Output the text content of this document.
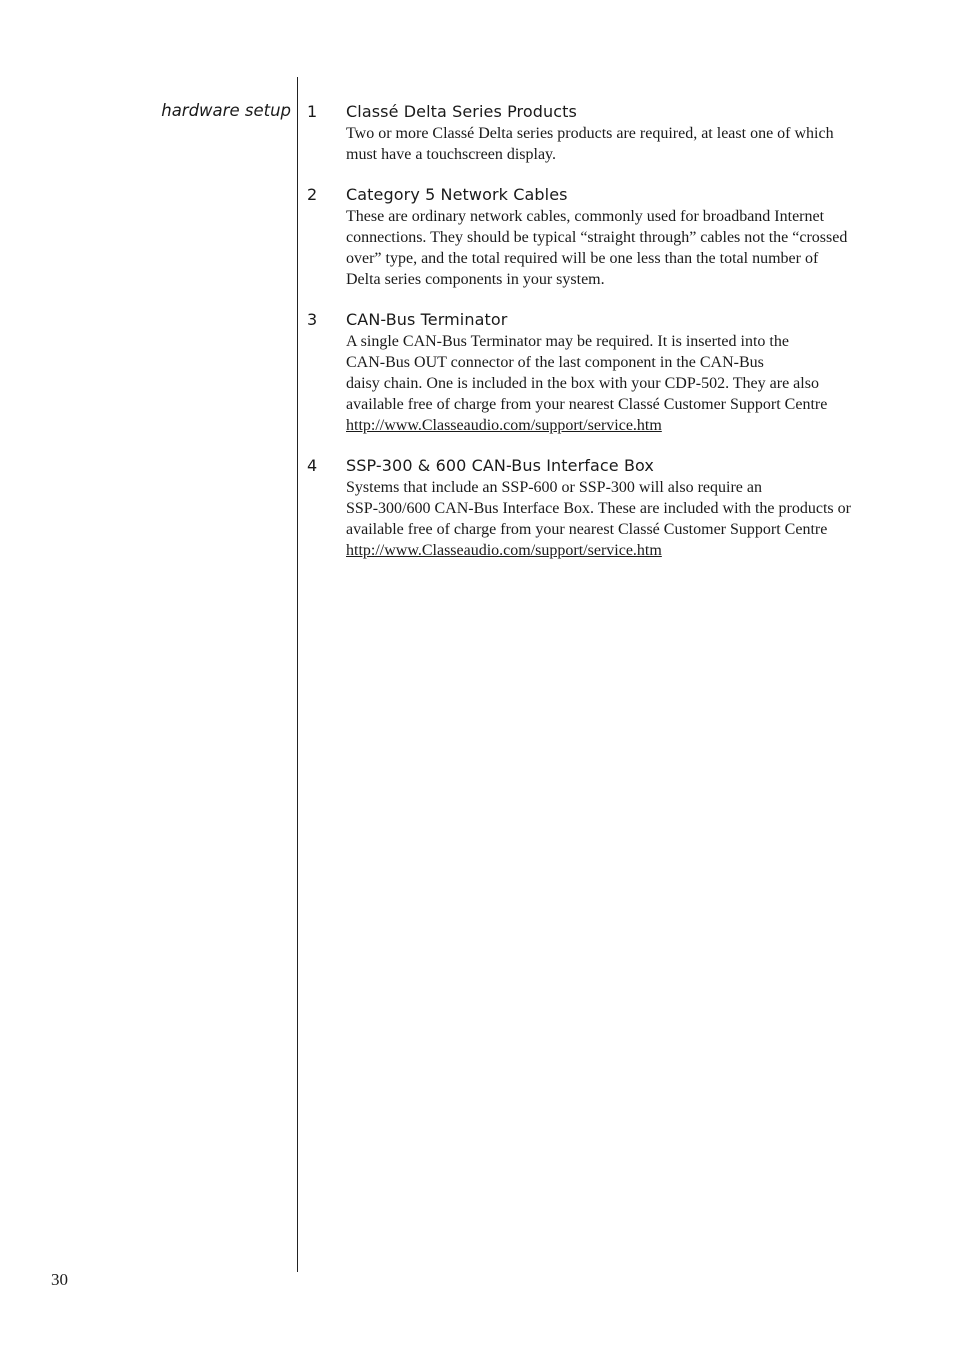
hardware setup 1 Classé Delta Series Products
Two or more Classé Delta series products are required, at least one of which
must have a touchscreen display.
2 Category 5 Network Cables
These are ordinary network cables, commonly used for broadband Internet
connections. They should be typical “straight through” cables not the “crossed
over” type, and the total required will be one less than the total number of
Delta series components in your system.
3 CAN-Bus Terminator
A single CAN-Bus Terminator may be required. It is inserted into the
CAN-Bus OUT connector of the last component in the CAN-Bus
daisy chain. One is included in the box with your CDP-502. They are also
available free of charge from your nearest Classé Customer Support Centre
http://www.Classeaudio.com/support/service.htm
4 SSP-300 & 600 CAN-Bus Interface Box
Systems that include an SSP-600 or SSP-300 will also require an
SSP-300/600 CAN-Bus Interface Box. These are included with the products or
available free of charge from your nearest Classé Customer Support Centre
http://www.Classeaudio.com/support/service.htm
30
